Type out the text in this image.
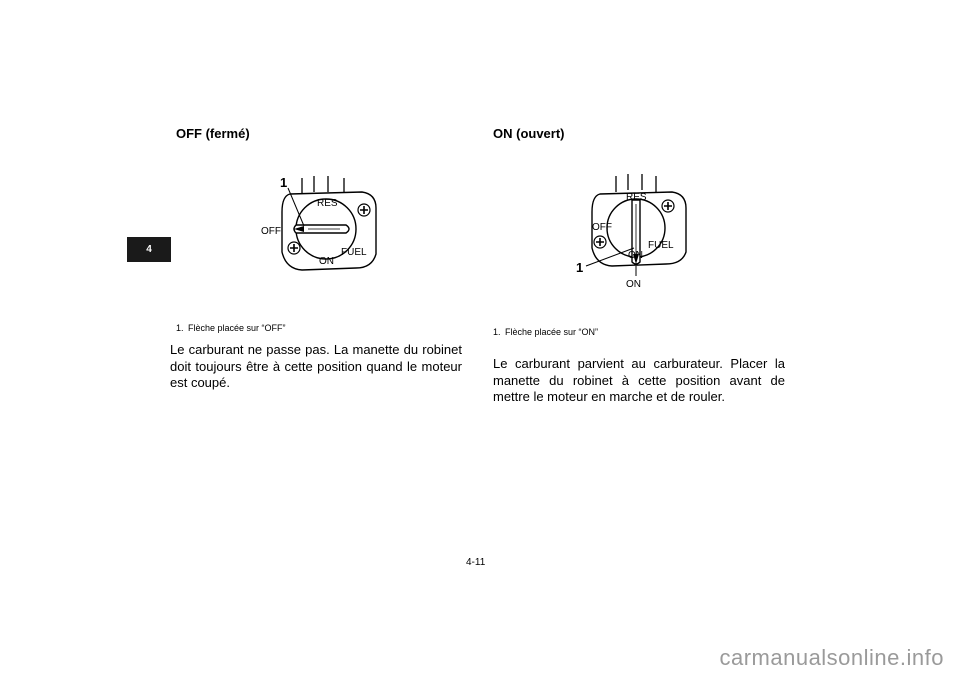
4
OFF (fermé)
1
RES
OFF
FUEL
ON
1. Flèche placée sur “OFF”

Le carburant ne passe pas. La manette du robinet doit toujours être à cette position quand le moteur est coupé.

ON (ouvert)
1
RES
OFF
FUEL
ON
ON
1. Flèche placée sur “ON”

Le carburant parvient au carburateur. Placer la manette du robinet à cette position avant de mettre le moteur en marche et de rouler.

4-11
carmanualsonline.info
